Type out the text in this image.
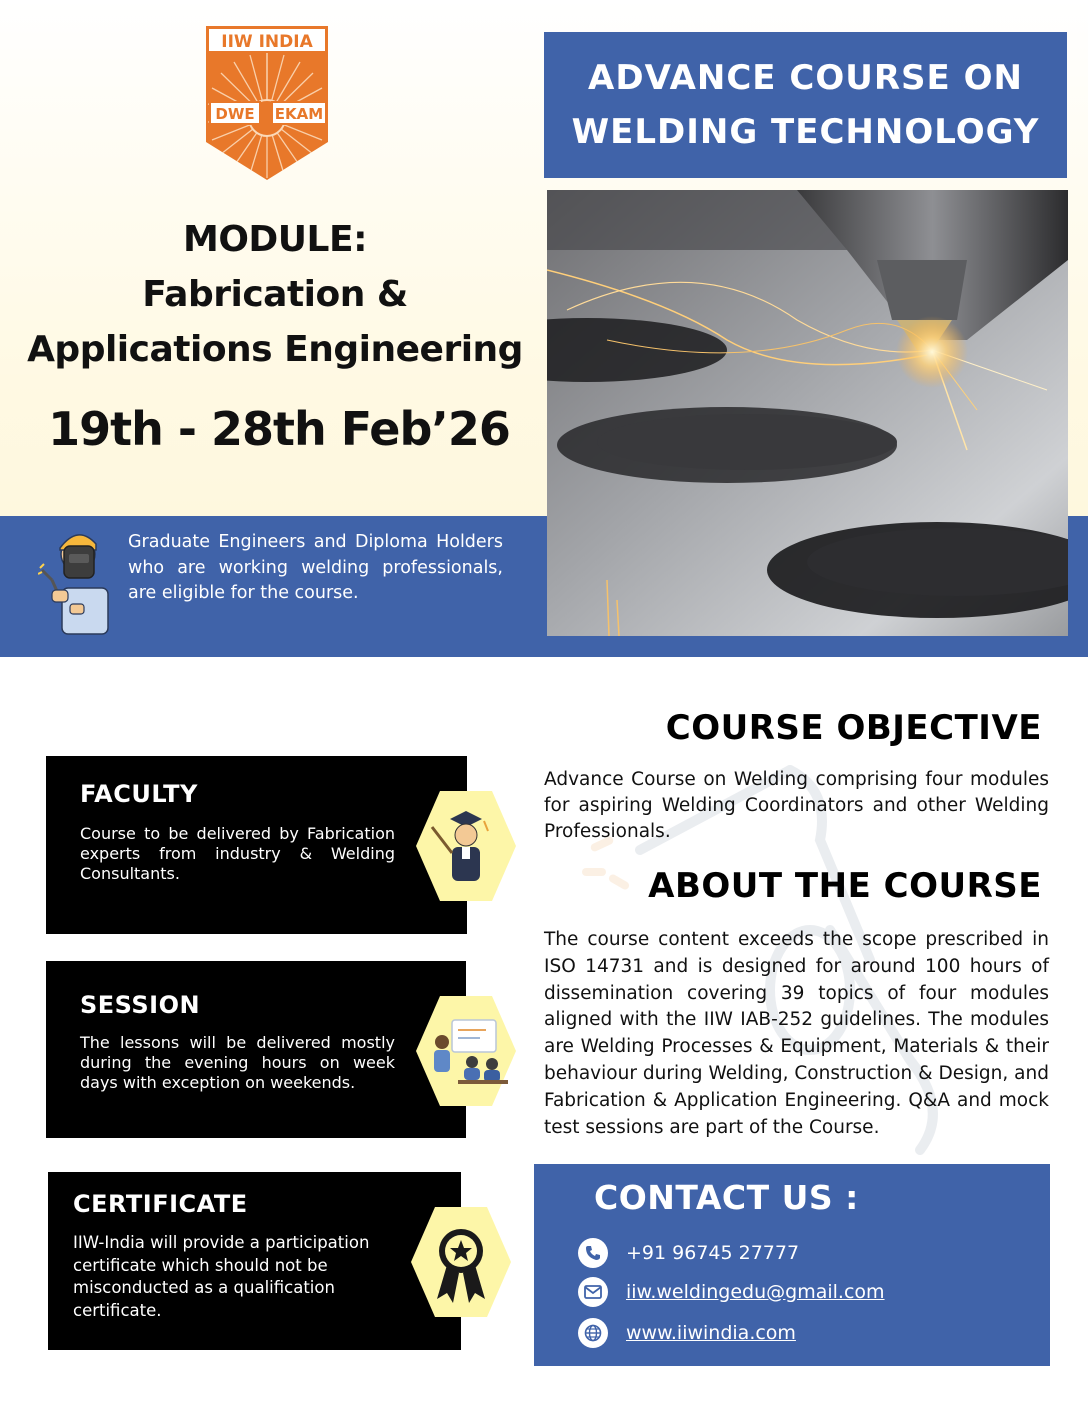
IIW INDIA
DWE EKAM
ADVANCE COURSE ON
WELDING TECHNOLOGY
MODULE:
Fabrication &
Applications Engineering
19th - 28th Feb’26
Graduate Engineers and Diploma Holders who are working welding professionals, are eligible for the course.
FACULTY

Course to be delivered by Fabrication experts from industry & Welding Consultants.

SESSION

The lessons will be delivered mostly during the evening hours on week days with exception on weekends.

CERTIFICATE

IIW-India will provide a participation certificate which should not be misconducted as a qualification certificate.

COURSE OBJECTIVE
Advance Course on Welding comprising four modules for aspiring Welding Coordinators and other Welding Professionals.
ABOUT THE COURSE
The course content exceeds the scope prescribed in ISO 14731 and is designed for around 100 hours of dissemination covering 39 topics of four modules aligned with the IIW IAB-252 guidelines. The modules are Welding Processes & Equipment, Materials & their behaviour during Welding, Construction & Design, and Fabrication & Application Engineering. Q&A and mock test sessions are part of the Course.
CONTACT US :
+91 96745 27777
iiw.weldingedu@gmail.com
www.iiwindia.com
